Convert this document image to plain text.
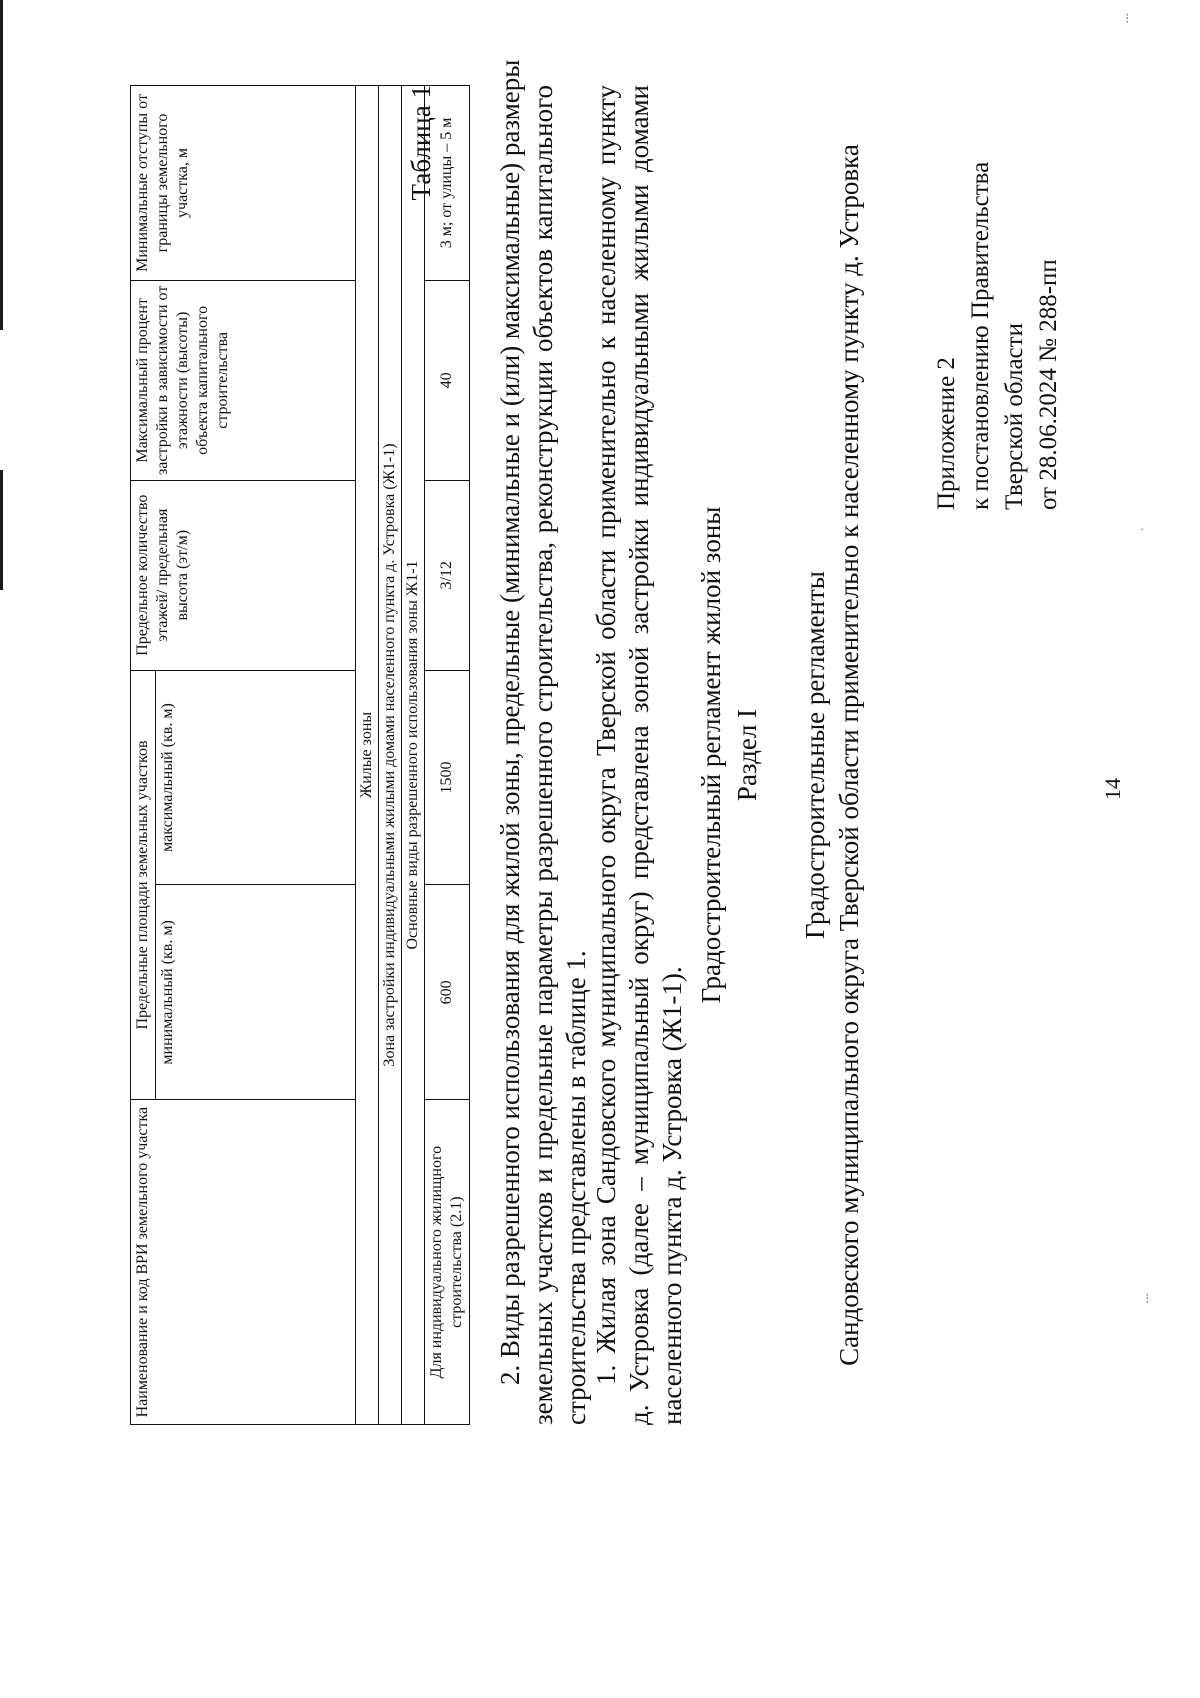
⁝
·
⁝
14
Приложение 2 к постановлению Правительства Тверской области от 28.06.2024 № 288-пп
Градостроительные регламенты Сандовского муниципального округа Тверской области применительно к населенному пункту д. Устровка
Раздел I
Градостроительный регламент жилой зоны
1. Жилая зона Сандовского муниципального округа Тверской области применительно к населенному пункту д. Устровка (далее – муниципальный округ) представлена зоной застройки индивидуальными жилыми домами населенного пункта д. Устровка (Ж1-1).
2. Виды разрешенного использования для жилой зоны, предельные (минимальные и (или) максимальные) размеры земельных участков и предельные параметры разрешенного строительства, реконструкции объектов капитального строительства представлены в таблице 1.
Таблица 1
Наименование и код ВРИ земельного участка	Предельные площади земельных участков		Предельное количество этажей/ предельная высота (эт/м)	Максимальный процент застройки в зависимости от этажности (высоты) объекта капитального строительства	Минимальные отступы от границы земельного участка, м
	минимальный (кв. м)	максимальный (кв. м)			
Жилые зоны					
Зона застройки индивидуальными жилыми домами населенного пункта д. Устровка (Ж1-1)					
Основные виды разрешенного использования зоны Ж1-1					
Для индивидуального жилищного строительства (2.1)	600	1500	3/12	40	3 м; от улицы – 5 м
